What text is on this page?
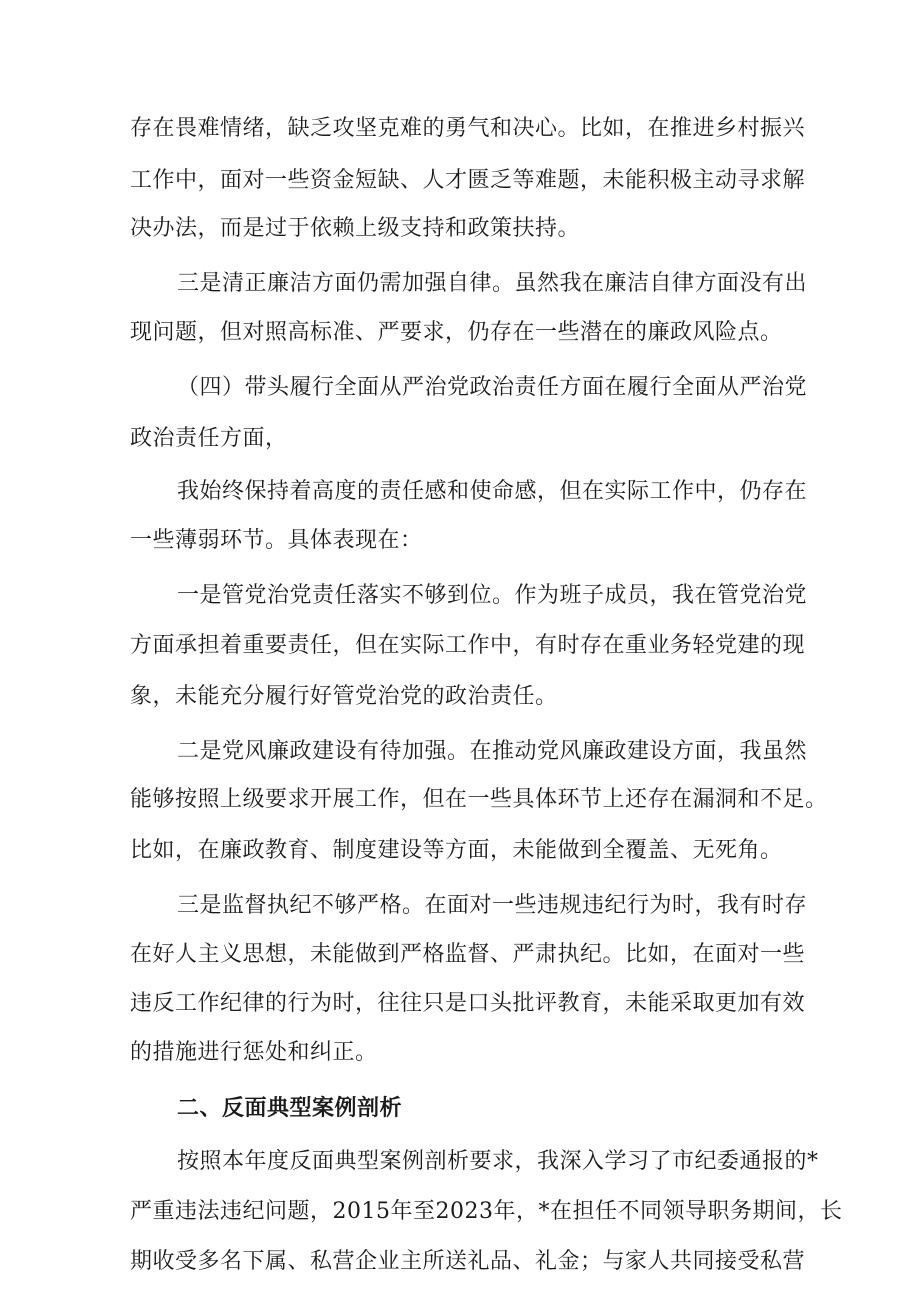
存在畏难情绪，缺乏攻坚克难的勇气和决心。比如，在推进乡村振兴
工作中，面对一些资金短缺、人才匮乏等难题，未能积极主动寻求解
决办法，而是过于依赖上级支持和政策扶持。
三是清正廉洁方面仍需加强自律。虽然我在廉洁自律方面没有出
现问题，但对照高标准、严要求，仍存在一些潜在的廉政风险点。
（四）带头履行全面从严治党政治责任方面在履行全面从严治党
政治责任方面，
我始终保持着高度的责任感和使命感，但在实际工作中，仍存在
一些薄弱环节。具体表现在：
一是管党治党责任落实不够到位。作为班子成员，我在管党治党
方面承担着重要责任，但在实际工作中，有时存在重业务轻党建的现
象，未能充分履行好管党治党的政治责任。
二是党风廉政建设有待加强。在推动党风廉政建设方面，我虽然
能够按照上级要求开展工作，但在一些具体环节上还存在漏洞和不足。
比如，在廉政教育、制度建设等方面，未能做到全覆盖、无死角。
三是监督执纪不够严格。在面对一些违规违纪行为时，我有时存
在好人主义思想，未能做到严格监督、严肃执纪。比如，在面对一些
违反工作纪律的行为时，往往只是口头批评教育，未能采取更加有效
的措施进行惩处和纠正。
二、反面典型案例剖析
按照本年度反面典型案例剖析要求，我深入学习了市纪委通报的*
严重违法违纪问题，2015年至2023年，*在担任不同领导职务期间，长
期收受多名下属、私营企业主所送礼品、礼金；与家人共同接受私营
